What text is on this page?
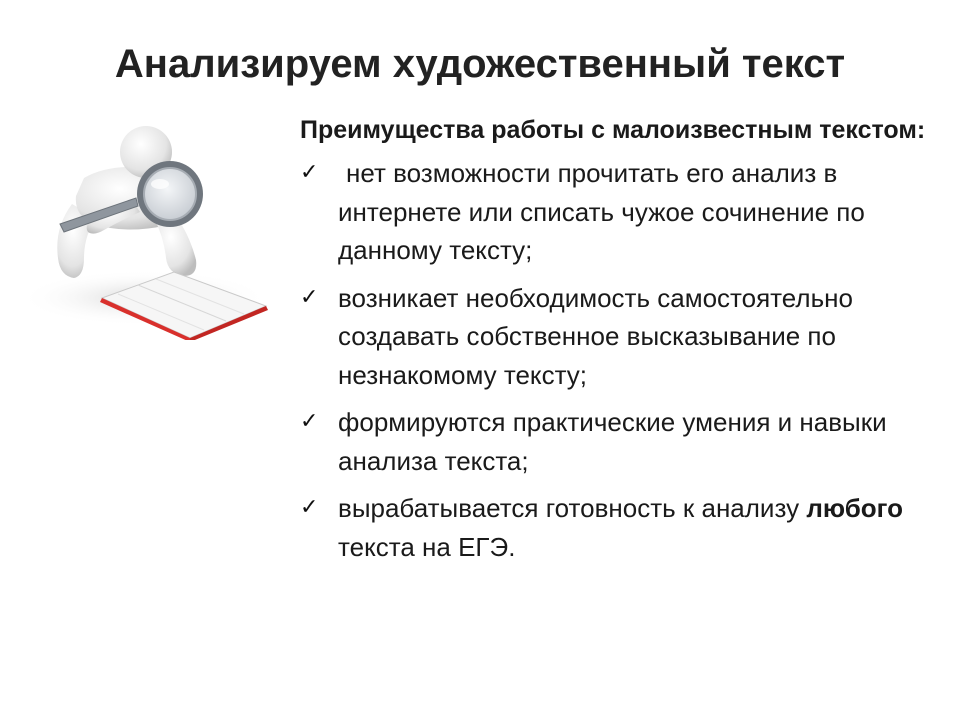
Анализируем художественный текст

Преимущества работы с малоизвестным текстом:

✓ нет возможности прочитать его анализ в интернете или списать чужое сочинение по данному тексту;
✓ возникает необходимость самостоятельно создавать собственное высказывание по незнакомому тексту;
✓ формируются практические умения и навыки анализа текста;
✓ вырабатывается готовность к анализу любого текста на ЕГЭ.
